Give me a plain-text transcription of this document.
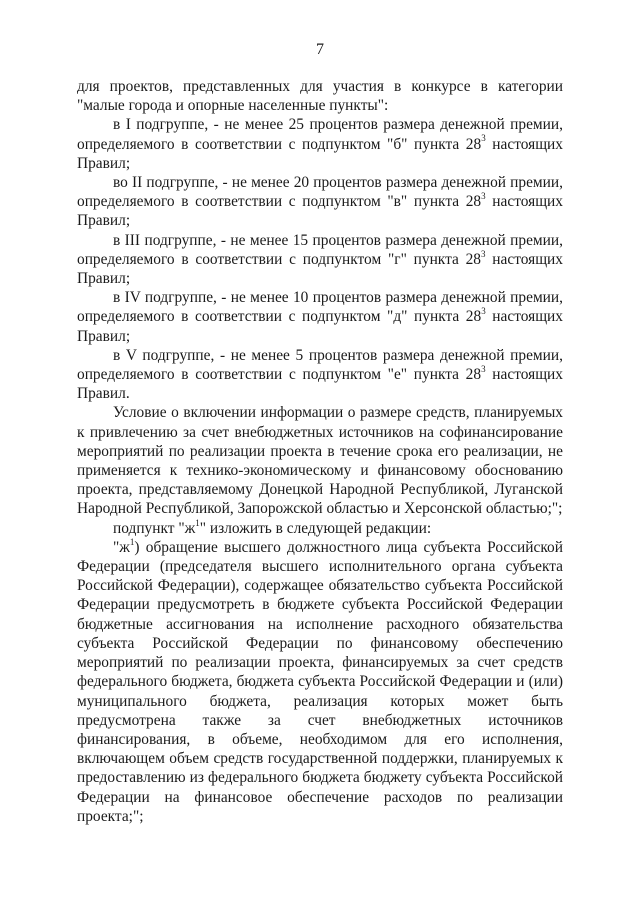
7

для проектов, представленных для участия в конкурсе в категории "малые города и опорные населенные пункты":

в I подгруппе, - не менее 25 процентов размера денежной премии, определяемого в соответствии с подпунктом "б" пункта $28^3$ настоящих Правил;

во II подгруппе, - не менее 20 процентов размера денежной премии, определяемого в соответствии с подпунктом "в" пункта $28^3$ настоящих Правил;

в III подгруппе, - не менее 15 процентов размера денежной премии, определяемого в соответствии с подпунктом "г" пункта $28^3$ настоящих Правил;

в IV подгруппе, - не менее 10 процентов размера денежной премии, определяемого в соответствии с подпунктом "д" пункта $28^3$ настоящих Правил;

в V подгруппе, - не менее 5 процентов размера денежной премии, определяемого в соответствии с подпунктом "е" пункта $28^3$ настоящих Правил.

Условие о включении информации о размере средств, планируемых к привлечению за счет внебюджетных источников на софинансирование мероприятий по реализации проекта в течение срока его реализации, не применяется к технико-экономическому и финансовому обоснованию проекта, представляемому Донецкой Народной Республикой, Луганской Народной Республикой, Запорожской областью и Херсонской областью;";

подпункт "$ж^1$" изложить в следующей редакции:

"$ж^1$) обращение высшего должностного лица субъекта Российской Федерации (председателя высшего исполнительного органа субъекта Российской Федерации), содержащее обязательство субъекта Российской Федерации предусмотреть в бюджете субъекта Российской Федерации бюджетные ассигнования на исполнение расходного обязательства субъекта Российской Федерации по финансовому обеспечению мероприятий по реализации проекта, финансируемых за счет средств федерального бюджета, бюджета субъекта Российской Федерации и (или) муниципального бюджета, реализация которых может быть предусмотрена также за счет внебюджетных источников финансирования, в объеме, необходимом для его исполнения, включающем объем средств государственной поддержки, планируемых к предоставлению из федерального бюджета бюджету субъекта Российской Федерации на финансовое обеспечение расходов по реализации проекта;";
